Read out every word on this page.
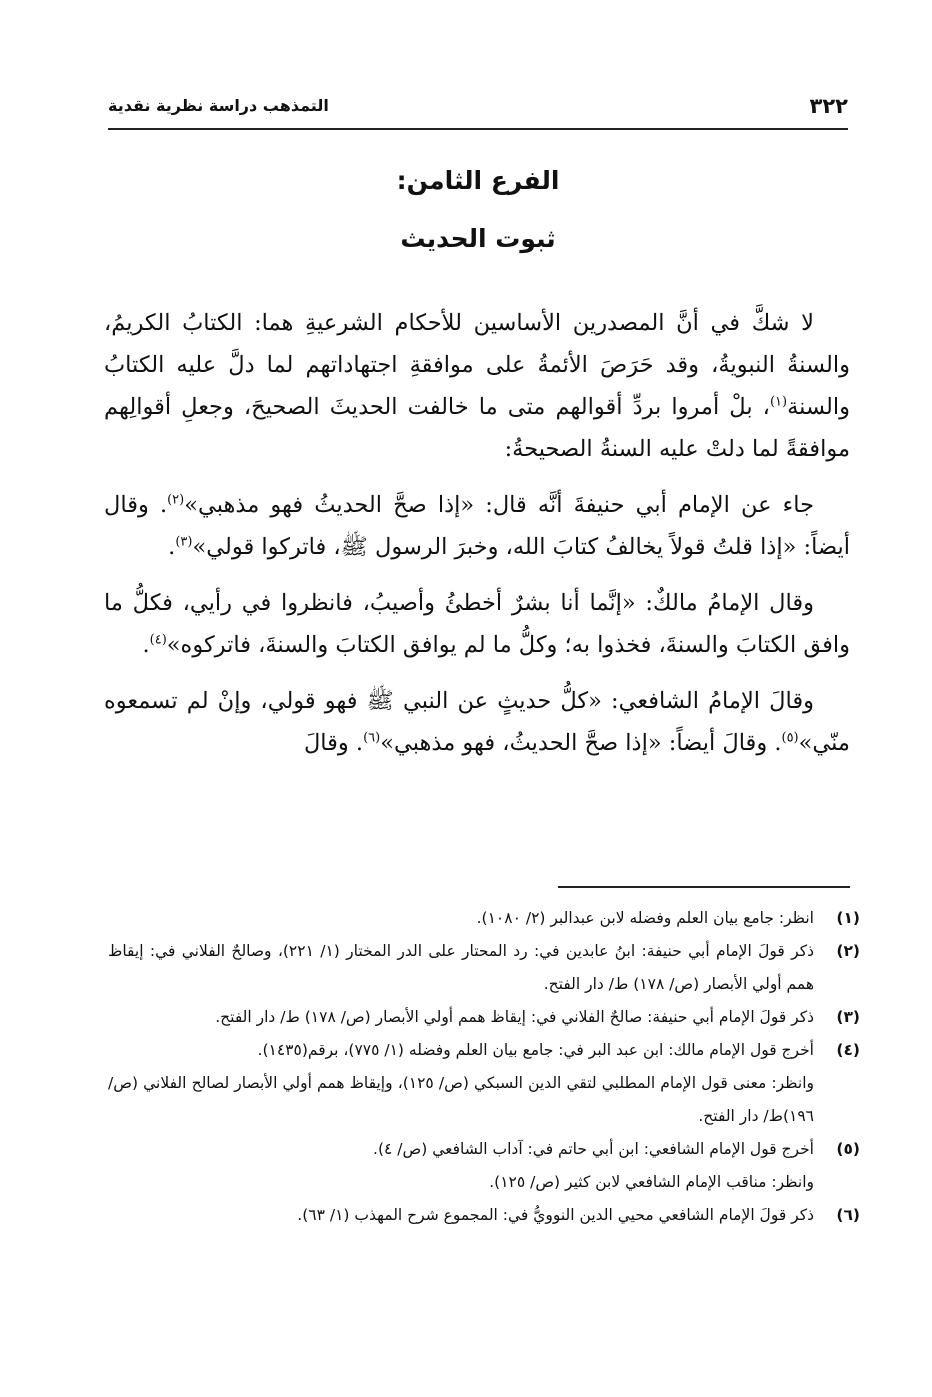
٣٢٢
التمذهب دراسة نظرية نقدية
الفرع الثامن:
ثبوت الحديث

لا شكَّ في أنَّ المصدرين الأساسين للأحكام الشرعيةِ هما: الكتابُ الكريمُ، والسنةُ النبويةُ، وقد حَرَصَ الأئمةُ على موافقةِ اجتهاداتهم لما دلَّ عليه الكتابُ والسنة$^{(١)}$، بلْ أمروا بردِّ أقوالهم متى ما خالفت الحديثَ الصحيحَ، وجعلِ أقوالِهم موافقةً لما دلتْ عليه السنةُ الصحيحةُ:

جاء عن الإمام أبي حنيفةَ أنَّه قال: «إذا صحَّ الحديثُ فهو مذهبي»$^{(٢)}$. وقال أيضاً: «إذا قلتُ قولاً يخالفُ كتابَ الله، وخبرَ الرسول ﷺ، فاتركوا قولي»$^{(٣)}$.

وقال الإمامُ مالكٌ: «إنَّما أنا بشرٌ أخطئُ وأصيبُ، فانظروا في رأيي، فكلُّ ما وافق الكتابَ والسنةَ، فخذوا به؛ وكلُّ ما لم يوافق الكتابَ والسنةَ، فاتركوه»$^{(٤)}$.

وقالَ الإمامُ الشافعي: «كلُّ حديثٍ عن النبي ﷺ فهو قولي، وإنْ لم تسمعوه منّي»$^{(٥)}$. وقالَ أيضاً: «إذا صحَّ الحديثُ، فهو مذهبي»$^{(٦)}$. وقالَ

(١)
انظر: جامع بيان العلم وفضله لابن عبدالبر (٢/ ١٠٨٠).
(٢)
ذكر قولَ الإمام أبي حنيفة: ابنُ عابدين في: رد المحتار على الدر المختار (١/ ٢٢١)، وصالحٌ الفلاني في: إيقاظ همم أولي الأبصار (ص/ ١٧٨) ط/ دار الفتح.
(٣)
ذكر قولَ الإمام أبي حنيفة: صالحٌ الفلاني في: إيقاظ همم أولي الأبصار (ص/ ١٧٨) ط/ دار الفتح.
(٤)
أخرج قول الإمام مالك: ابن عبد البر في: جامع بيان العلم وفضله (١/ ٧٧٥)، برقم(١٤٣٥).
وانظر: معنى قول الإمام المطلبي لتقي الدين السبكي (ص/ ١٢٥)، وإيقاظ همم أولي الأبصار لصالح الفلاني (ص/ ١٩٦)ط/ دار الفتح.
(٥)
أخرج قول الإمام الشافعي: ابن أبي حاتم في: آداب الشافعي (ص/ ٤).
وانظر: مناقب الإمام الشافعي لابن كثير (ص/ ١٢٥).
(٦)
ذكر قولَ الإمام الشافعي محيي الدين النوويُّ في: المجموع شرح المهذب (١/ ٦٣).
